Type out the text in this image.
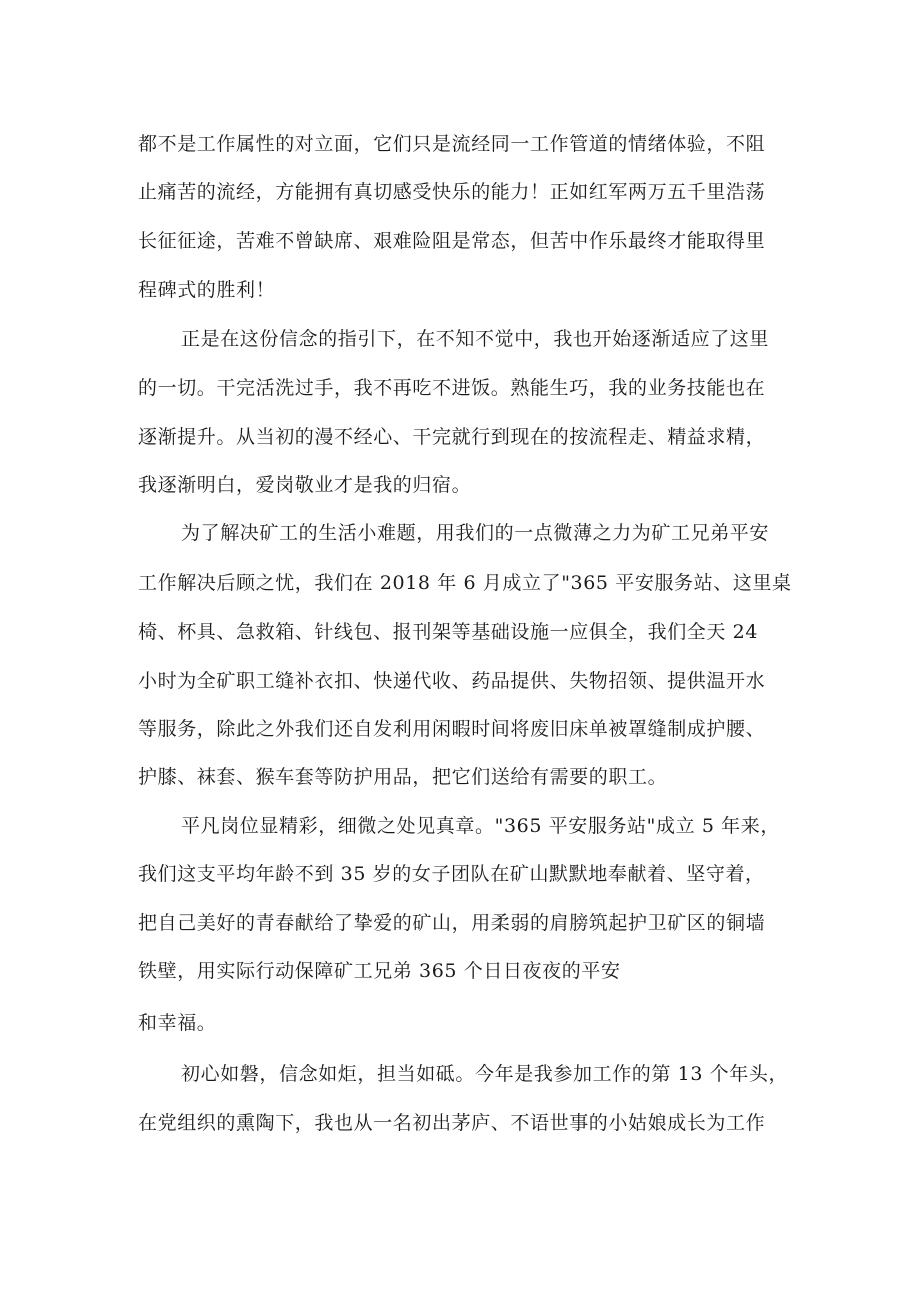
都不是工作属性的对立面，它们只是流经同一工作管道的情绪体验，不阻

止痛苦的流经，方能拥有真切感受快乐的能力！正如红军两万五千里浩荡

长征征途，苦难不曾缺席、艰难险阻是常态，但苦中作乐最终才能取得里

程碑式的胜利！

正是在这份信念的指引下，在不知不觉中，我也开始逐渐适应了这里

的一切。干完活洗过手，我不再吃不进饭。熟能生巧，我的业务技能也在

逐渐提升。从当初的漫不经心、干完就行到现在的按流程走、精益求精，

我逐渐明白，爱岗敬业才是我的归宿。

为了解决矿工的生活小难题，用我们的一点微薄之力为矿工兄弟平安

工作解决后顾之忧，我们在 2018 年 6 月成立了"365 平安服务站、这里桌

椅、杯具、急救箱、针线包、报刊架等基础设施一应俱全，我们全天 24

小时为全矿职工缝补衣扣、快递代收、药品提供、失物招领、提供温开水

等服务，除此之外我们还自发利用闲暇时间将废旧床单被罩缝制成护腰、

护膝、袜套、猴车套等防护用品，把它们送给有需要的职工。

平凡岗位显精彩，细微之处见真章。"365 平安服务站"成立 5 年来，

我们这支平均年龄不到 35 岁的女子团队在矿山默默地奉献着、坚守着，

把自己美好的青春献给了挚爱的矿山，用柔弱的肩膀筑起护卫矿区的铜墙

铁壁，用实际行动保障矿工兄弟 365 个日日夜夜的平安

和幸福。

初心如磐，信念如炬，担当如砥。今年是我参加工作的第 13 个年头，

在党组织的熏陶下，我也从一名初出茅庐、不语世事的小姑娘成长为工作
